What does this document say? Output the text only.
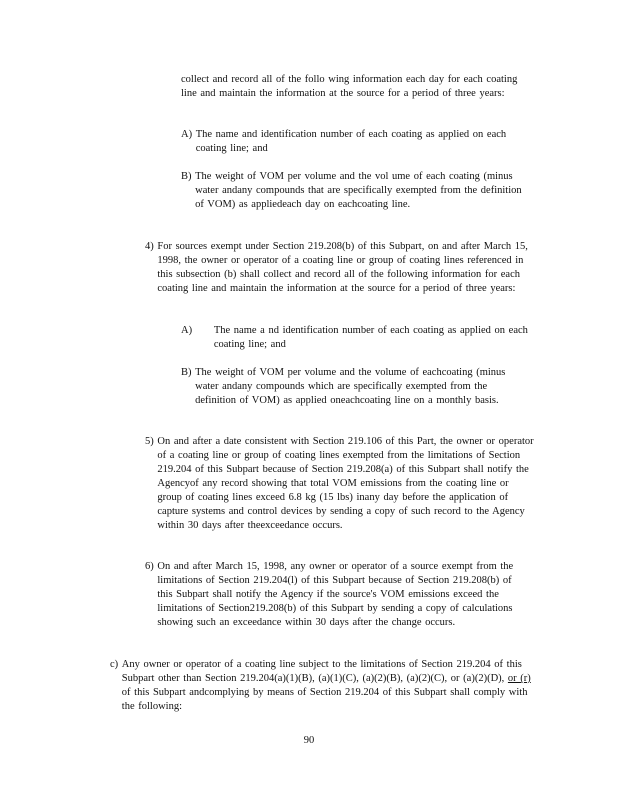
collect and record all of the follo wing information each day for each coating line and maintain the information at the source for a period of three years:

A) The name and identification number of each coating as applied on each coating line; and
B) The weight of VOM per volume and the vol ume of each coating (minus water andany compounds that are specifically exempted from the definition of VOM) as appliedeach day on eachcoating line.
4) For sources exempt under Section 219.208(b) of this Subpart, on and after March 15, 1998, the owner or operator of a coating line or group of coating lines referenced in this subsection (b) shall collect and record all of the following information for each coating line and maintain the information at the source for a period of three years:
A) The name a nd identification number of each coating as applied on each coating line; and
B) The weight of VOM per volume and the volume of eachcoating (minus water andany compounds which are specifically exempted from the definition of VOM) as applied oneachcoating line on a monthly basis.
5) On and after a date consistent with Section 219.106 of this Part, the owner or operator of a coating line or group of coating lines exempted from the limitations of Section 219.204 of this Subpart because of Section 219.208(a) of this Subpart shall notify the Agencyof any record showing that total VOM emissions from the coating line or group of coating lines exceed 6.8 kg (15 lbs) inany day before the application of capture systems and control devices by sending a copy of such record to the Agency within 30 days after theexceedance occurs.
6) On and after March 15, 1998, any owner or operator of a source exempt from the limitations of Section 219.204(l) of this Subpart because of Section 219.208(b) of this Subpart shall notify the Agency if the source's VOM emissions exceed the limitations of Section219.208(b) of this Subpart by sending a copy of calculations showing such an exceedance within 30 days after the change occurs.
c) Any owner or operator of a coating line subject to the limitations of Section 219.204 of this Subpart other than Section 219.204(a)(1)(B), (a)(1)(C), (a)(2)(B), (a)(2)(C), or (a)(2)(D), or (r) of this Subpart andcomplying by means of Section 219.204 of this Subpart shall comply with the following:
90
